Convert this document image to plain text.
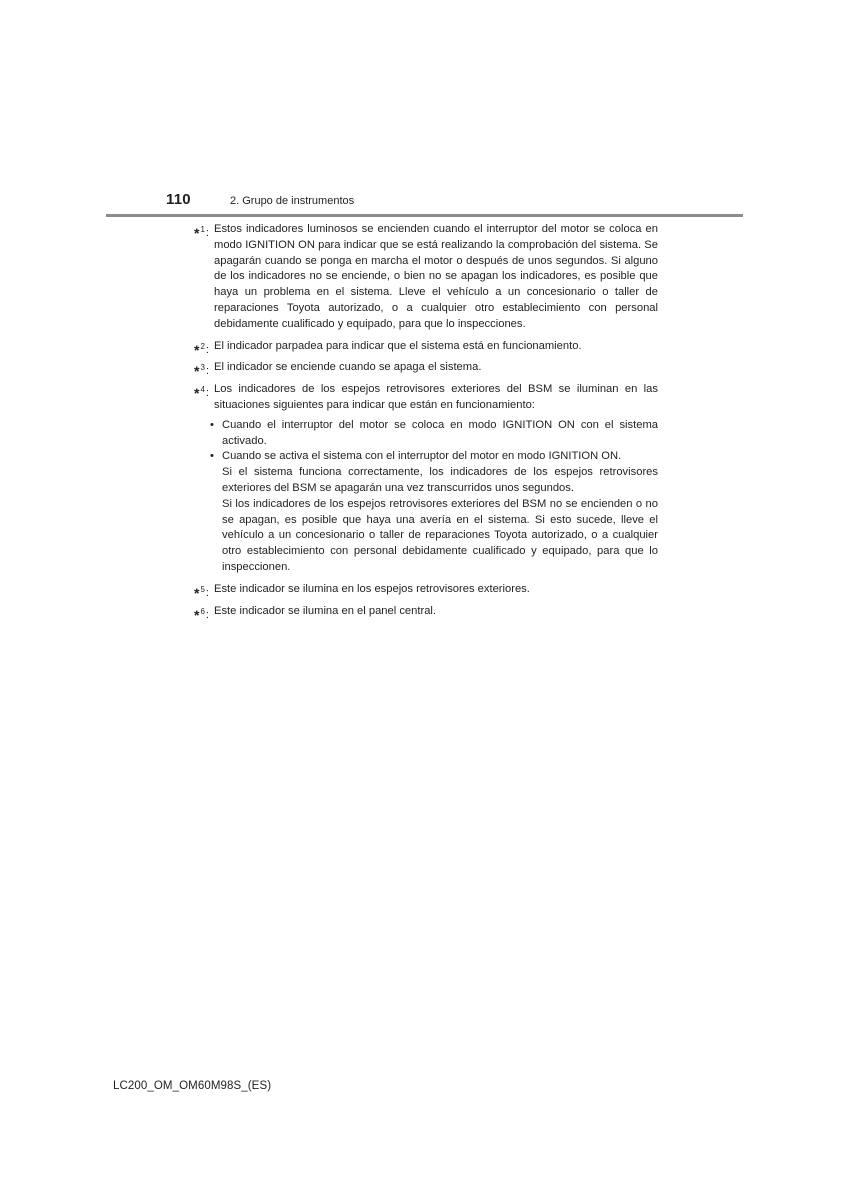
110	2. Grupo de instrumentos
*$^1$: Estos indicadores luminosos se encienden cuando el interruptor del motor se coloca en modo IGNITION ON para indicar que se está realizando la comprobación del sistema. Se apagarán cuando se ponga en marcha el motor o después de unos segundos. Si alguno de los indicadores no se enciende, o bien no se apagan los indicadores, es posible que haya un problema en el sistema. Lleve el vehículo a un concesionario o taller de reparaciones Toyota autorizado, o a cualquier otro establecimiento con personal debidamente cualificado y equipado, para que lo inspecciones.
*$^2$: El indicador parpadea para indicar que el sistema está en funcionamiento.
*$^3$: El indicador se enciende cuando se apaga el sistema.
*$^4$: Los indicadores de los espejos retrovisores exteriores del BSM se iluminan en las situaciones siguientes para indicar que están en funcionamiento:
• Cuando el interruptor del motor se coloca en modo IGNITION ON con el sistema activado.
• Cuando se activa el sistema con el interruptor del motor en modo IGNITION ON.
Si el sistema funciona correctamente, los indicadores de los espejos retrovisores exteriores del BSM se apagarán una vez transcurridos unos segundos.
Si los indicadores de los espejos retrovisores exteriores del BSM no se encienden o no se apagan, es posible que haya una avería en el sistema. Si esto sucede, lleve el vehículo a un concesionario o taller de reparaciones Toyota autorizado, o a cualquier otro establecimiento con personal debidamente cualificado y equipado, para que lo inspeccionen.
*$^5$: Este indicador se ilumina en los espejos retrovisores exteriores.
*$^6$: Este indicador se ilumina en el panel central.
LC200_OM_OM60M98S_(ES)
